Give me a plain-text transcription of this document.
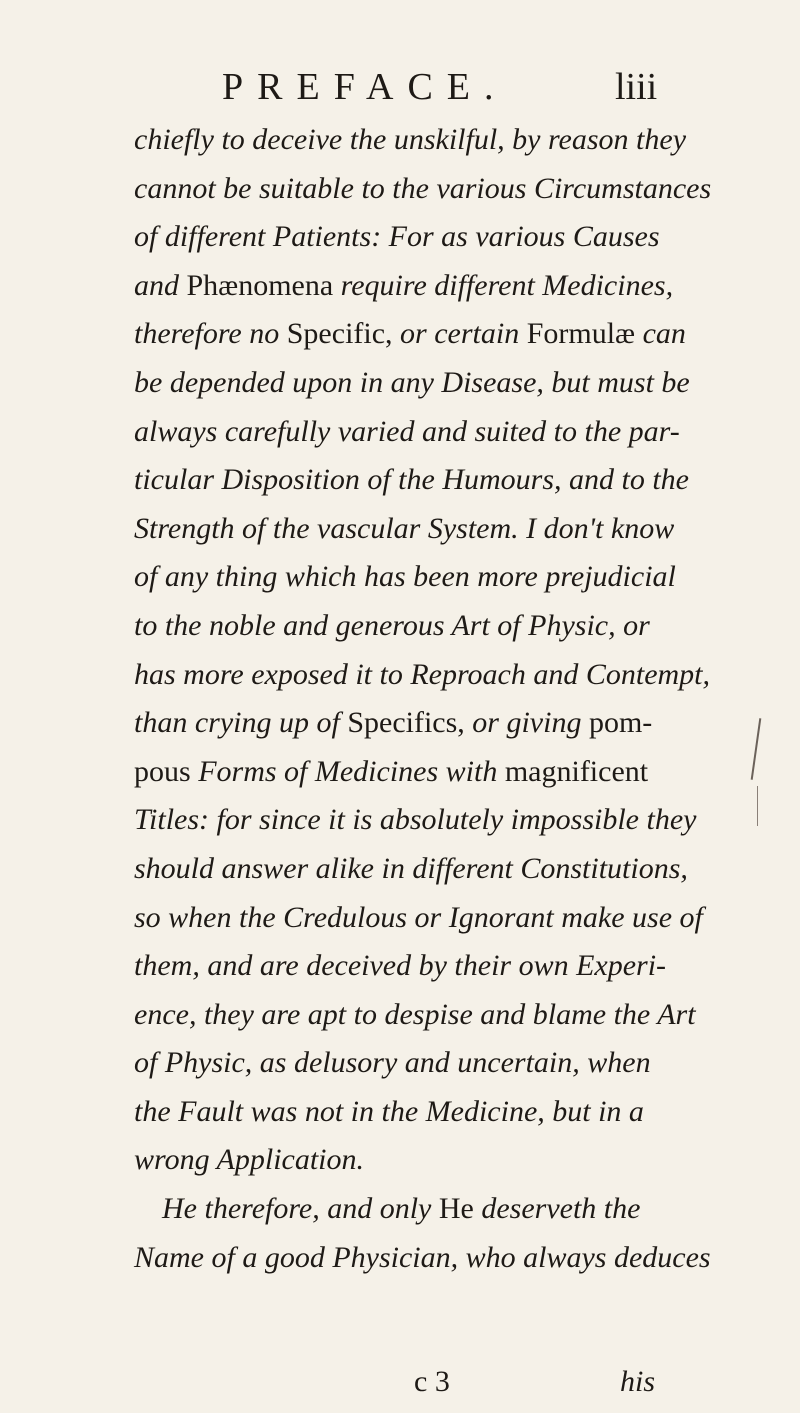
PREFACE.	liii
chiefly to deceive the unskilful, by reason they
cannot be suitable to the various Circumstances
of different Patients: For as various Causes
and Phænomena require different Medicines,
therefore no Specific, or certain Formulæ can
be depended upon in any Disease, but must be
always carefully varied and suited to the par-
ticular Disposition of the Humours, and to the
Strength of the vascular System. I don't know
of any thing which has been more prejudicial
to the noble and generous Art of Physic, or
has more exposed it to Reproach and Contempt,
than crying up of Specifics, or giving pom-
pous Forms of Medicines with magnificent
Titles: for since it is absolutely impossible they
should answer alike in different Constitutions,
so when the Credulous or Ignorant make use of
them, and are deceived by their own Experi-
ence, they are apt to despise and blame the Art
of Physic, as delusory and uncertain, when
the Fault was not in the Medicine, but in a
wrong Application.
He therefore, and only He deserveth the
Name of a good Physician, who always deduces
c 3	his
